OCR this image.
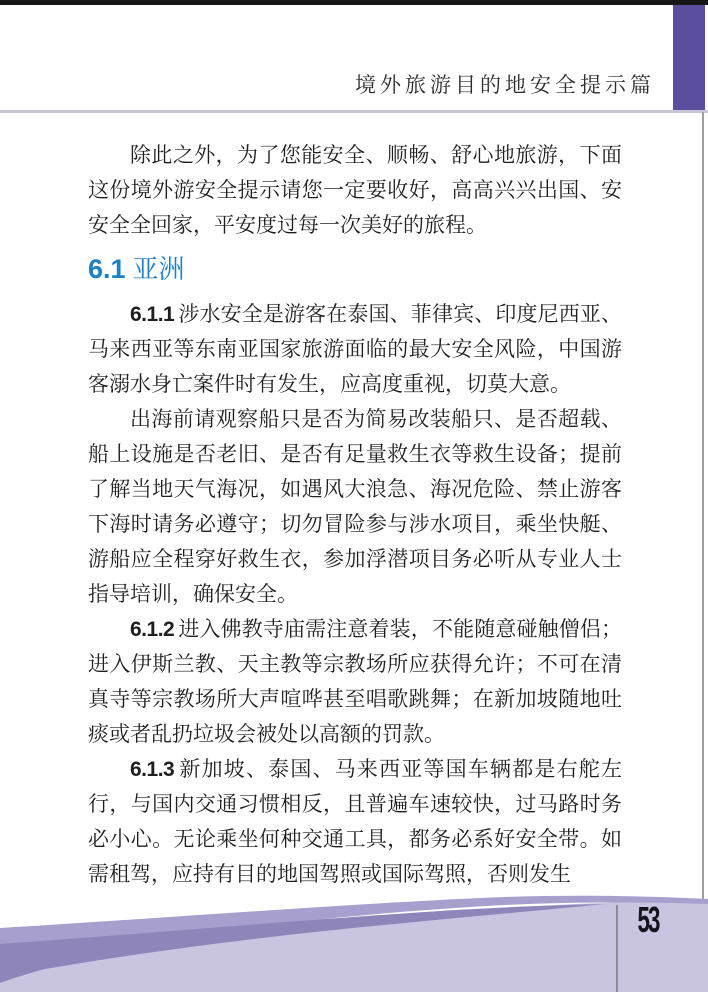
境外旅游目的地安全提示篇

除此之外，为了您能安全、顺畅、舒心地旅游，下面这份境外游安全提示请您一定要收好，高高兴兴出国、安安全全回家，平安度过每一次美好的旅程。

6.1 亚洲

6.1.1 涉水安全是游客在泰国、菲律宾、印度尼西亚、马来西亚等东南亚国家旅游面临的最大安全风险，中国游客溺水身亡案件时有发生，应高度重视，切莫大意。

出海前请观察船只是否为简易改装船只、是否超载、船上设施是否老旧、是否有足量救生衣等救生设备；提前了解当地天气海况，如遇风大浪急、海况危险、禁止游客下海时请务必遵守；切勿冒险参与涉水项目，乘坐快艇、游船应全程穿好救生衣，参加浮潜项目务必听从专业人士指导培训，确保安全。

6.1.2 进入佛教寺庙需注意着装，不能随意碰触僧侣；进入伊斯兰教、天主教等宗教场所应获得允许；不可在清真寺等宗教场所大声喧哗甚至唱歌跳舞；在新加坡随地吐痰或者乱扔垃圾会被处以高额的罚款。

6.1.3 新加坡、泰国、马来西亚等国车辆都是右舵左行，与国内交通习惯相反，且普遍车速较快，过马路时务必小心。无论乘坐何种交通工具，都务必系好安全带。如需租驾，应持有目的地国驾照或国际驾照，否则发生

53
